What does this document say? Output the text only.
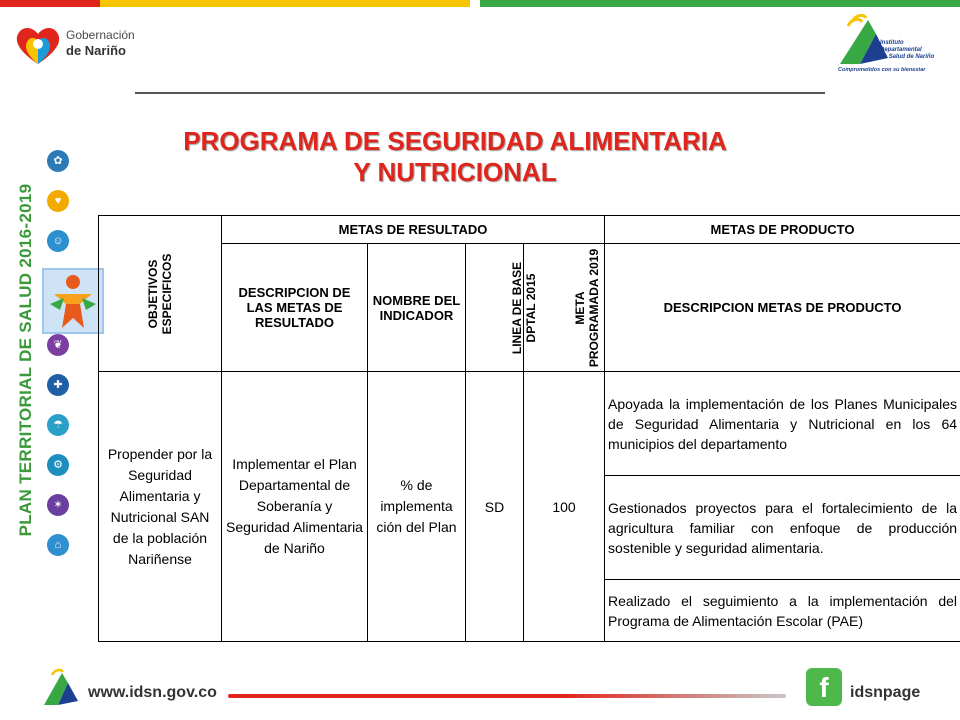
Gobernación
de Nariño	Instituto
Departamental
de Salud de Nariño
Comprometidos con su bienestar
PROGRAMA DE SEGURIDAD ALIMENTARIA
Y NUTRICIONAL
PLAN TERRITORIAL DE SALUD 2016-2019
✿
♥
☺
❦
✚
☂
⚙
✶
⌂
OBJETIVOS ESPECIFICOS	METAS DE RESULTADO				METAS DE PRODUCTO
	DESCRIPCION DE LAS METAS DE RESULTADO	NOMBRE DEL INDICADOR	LINEA DE BASE DPTAL 2015	META PROGRAMADA 2019	DESCRIPCION METAS DE PRODUCTO
Propender por la Seguridad Alimentaria y Nutricional SAN de la población Nariñense	Implementar el Plan Departamental de Soberanía y Seguridad Alimentaria de Nariño	% de implementa ción del Plan	SD	100	Apoyada la implementación de los Planes Municipales de Seguridad Alimentaria y Nutricional en los 64 municipios del departamento
					Gestionados proyectos para el fortalecimiento de la agricultura familiar con enfoque de producción sostenible y seguridad alimentaria.
					Realizado el seguimiento a la implementación del Programa de Alimentación Escolar (PAE)
www.idsn.gov.co	f	idsnpage
